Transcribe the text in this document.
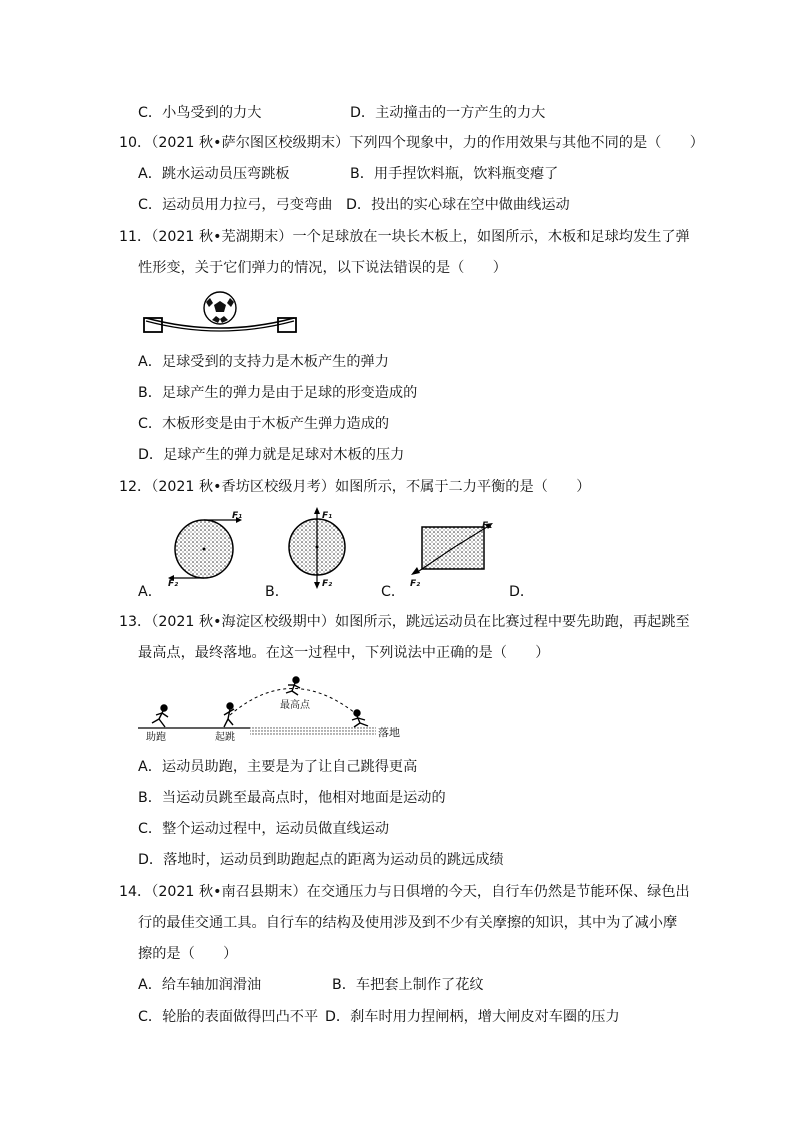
C．小鸟受到的力大	D．主动撞击的一方产生的力大
10．（2021 秋•萨尔图区校级期末）下列四个现象中，力的作用效果与其他不同的是（　　）
A．跳水运动员压弯跳板	B．用手捏饮料瓶，饮料瓶变瘪了
C．运动员用力拉弓，弓变弯曲 D．投出的实心球在空中做曲线运动
11．（2021 秋•芜湖期末）一个足球放在一块长木板上，如图所示，木板和足球均发生了弹
性形变，关于它们弹力的情况，以下说法错误的是（　　）
A．足球受到的支持力是木板产生的弹力
B．足球产生的弹力是由于足球的形变造成的
C．木板形变是由于木板产生弹力造成的
D．足球产生的弹力就是足球对木板的压力
12．（2021 秋•香坊区校级月考）如图所示，不属于二力平衡的是（　　）
F₁
F₂
A．
F₁
F₂
B．
F₁
F₂
C．	D．
13．（2021 秋•海淀区校级期中）如图所示，跳远运动员在比赛过程中要先助跑，再起跳至
最高点，最终落地。在这一过程中，下列说法中正确的是（　　）
助跑	起跳
最高点
落地
A．运动员助跑，主要是为了让自己跳得更高
B．当运动员跳至最高点时，他相对地面是运动的
C．整个运动过程中，运动员做直线运动
D．落地时，运动员到助跑起点的距离为运动员的跳远成绩
14．（2021 秋•南召县期末）在交通压力与日俱增的今天，自行车仍然是节能环保、绿色出
行的最佳交通工具。自行车的结构及使用涉及到不少有关摩擦的知识，其中为了减小摩
擦的是（　　）
A．给车轴加润滑油	B．车把套上制作了花纹
C．轮胎的表面做得凹凸不平 D．刹车时用力捏闸柄，增大闸皮对车圈的压力
